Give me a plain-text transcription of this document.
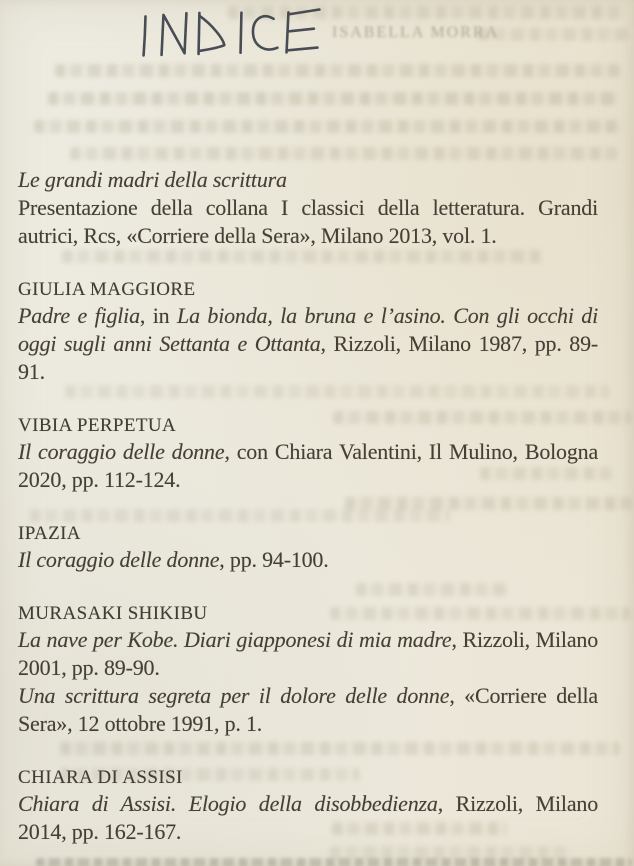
ISABELLA MORRA

Le grandi madri della scrittura

Presentazione della collana I classici della letteratura. Grandi autrici, Rcs, «Corriere della Sera», Milano 2013, vol. 1.

GIULIA MAGGIORE

Padre e figlia, in La bionda, la bruna e l’asino. Con gli occhi di oggi sugli anni Settanta e Ottanta, Rizzoli, Milano 1987, pp. 89-91.

VIBIA PERPETUA

Il coraggio delle donne, con Chiara Valentini, Il Mulino, Bologna 2020, pp. 112-124.

IPAZIA

Il coraggio delle donne, pp. 94-100.

MURASAKI SHIKIBU

La nave per Kobe. Diari giapponesi di mia madre, Rizzoli, Milano 2001, pp. 89-90.

Una scrittura segreta per il dolore delle donne, «Corriere della Sera», 12 ottobre 1991, p. 1.

CHIARA DI ASSISI

Chiara di Assisi. Elogio della disobbedienza, Rizzoli, Milano 2014, pp. 162-167.
